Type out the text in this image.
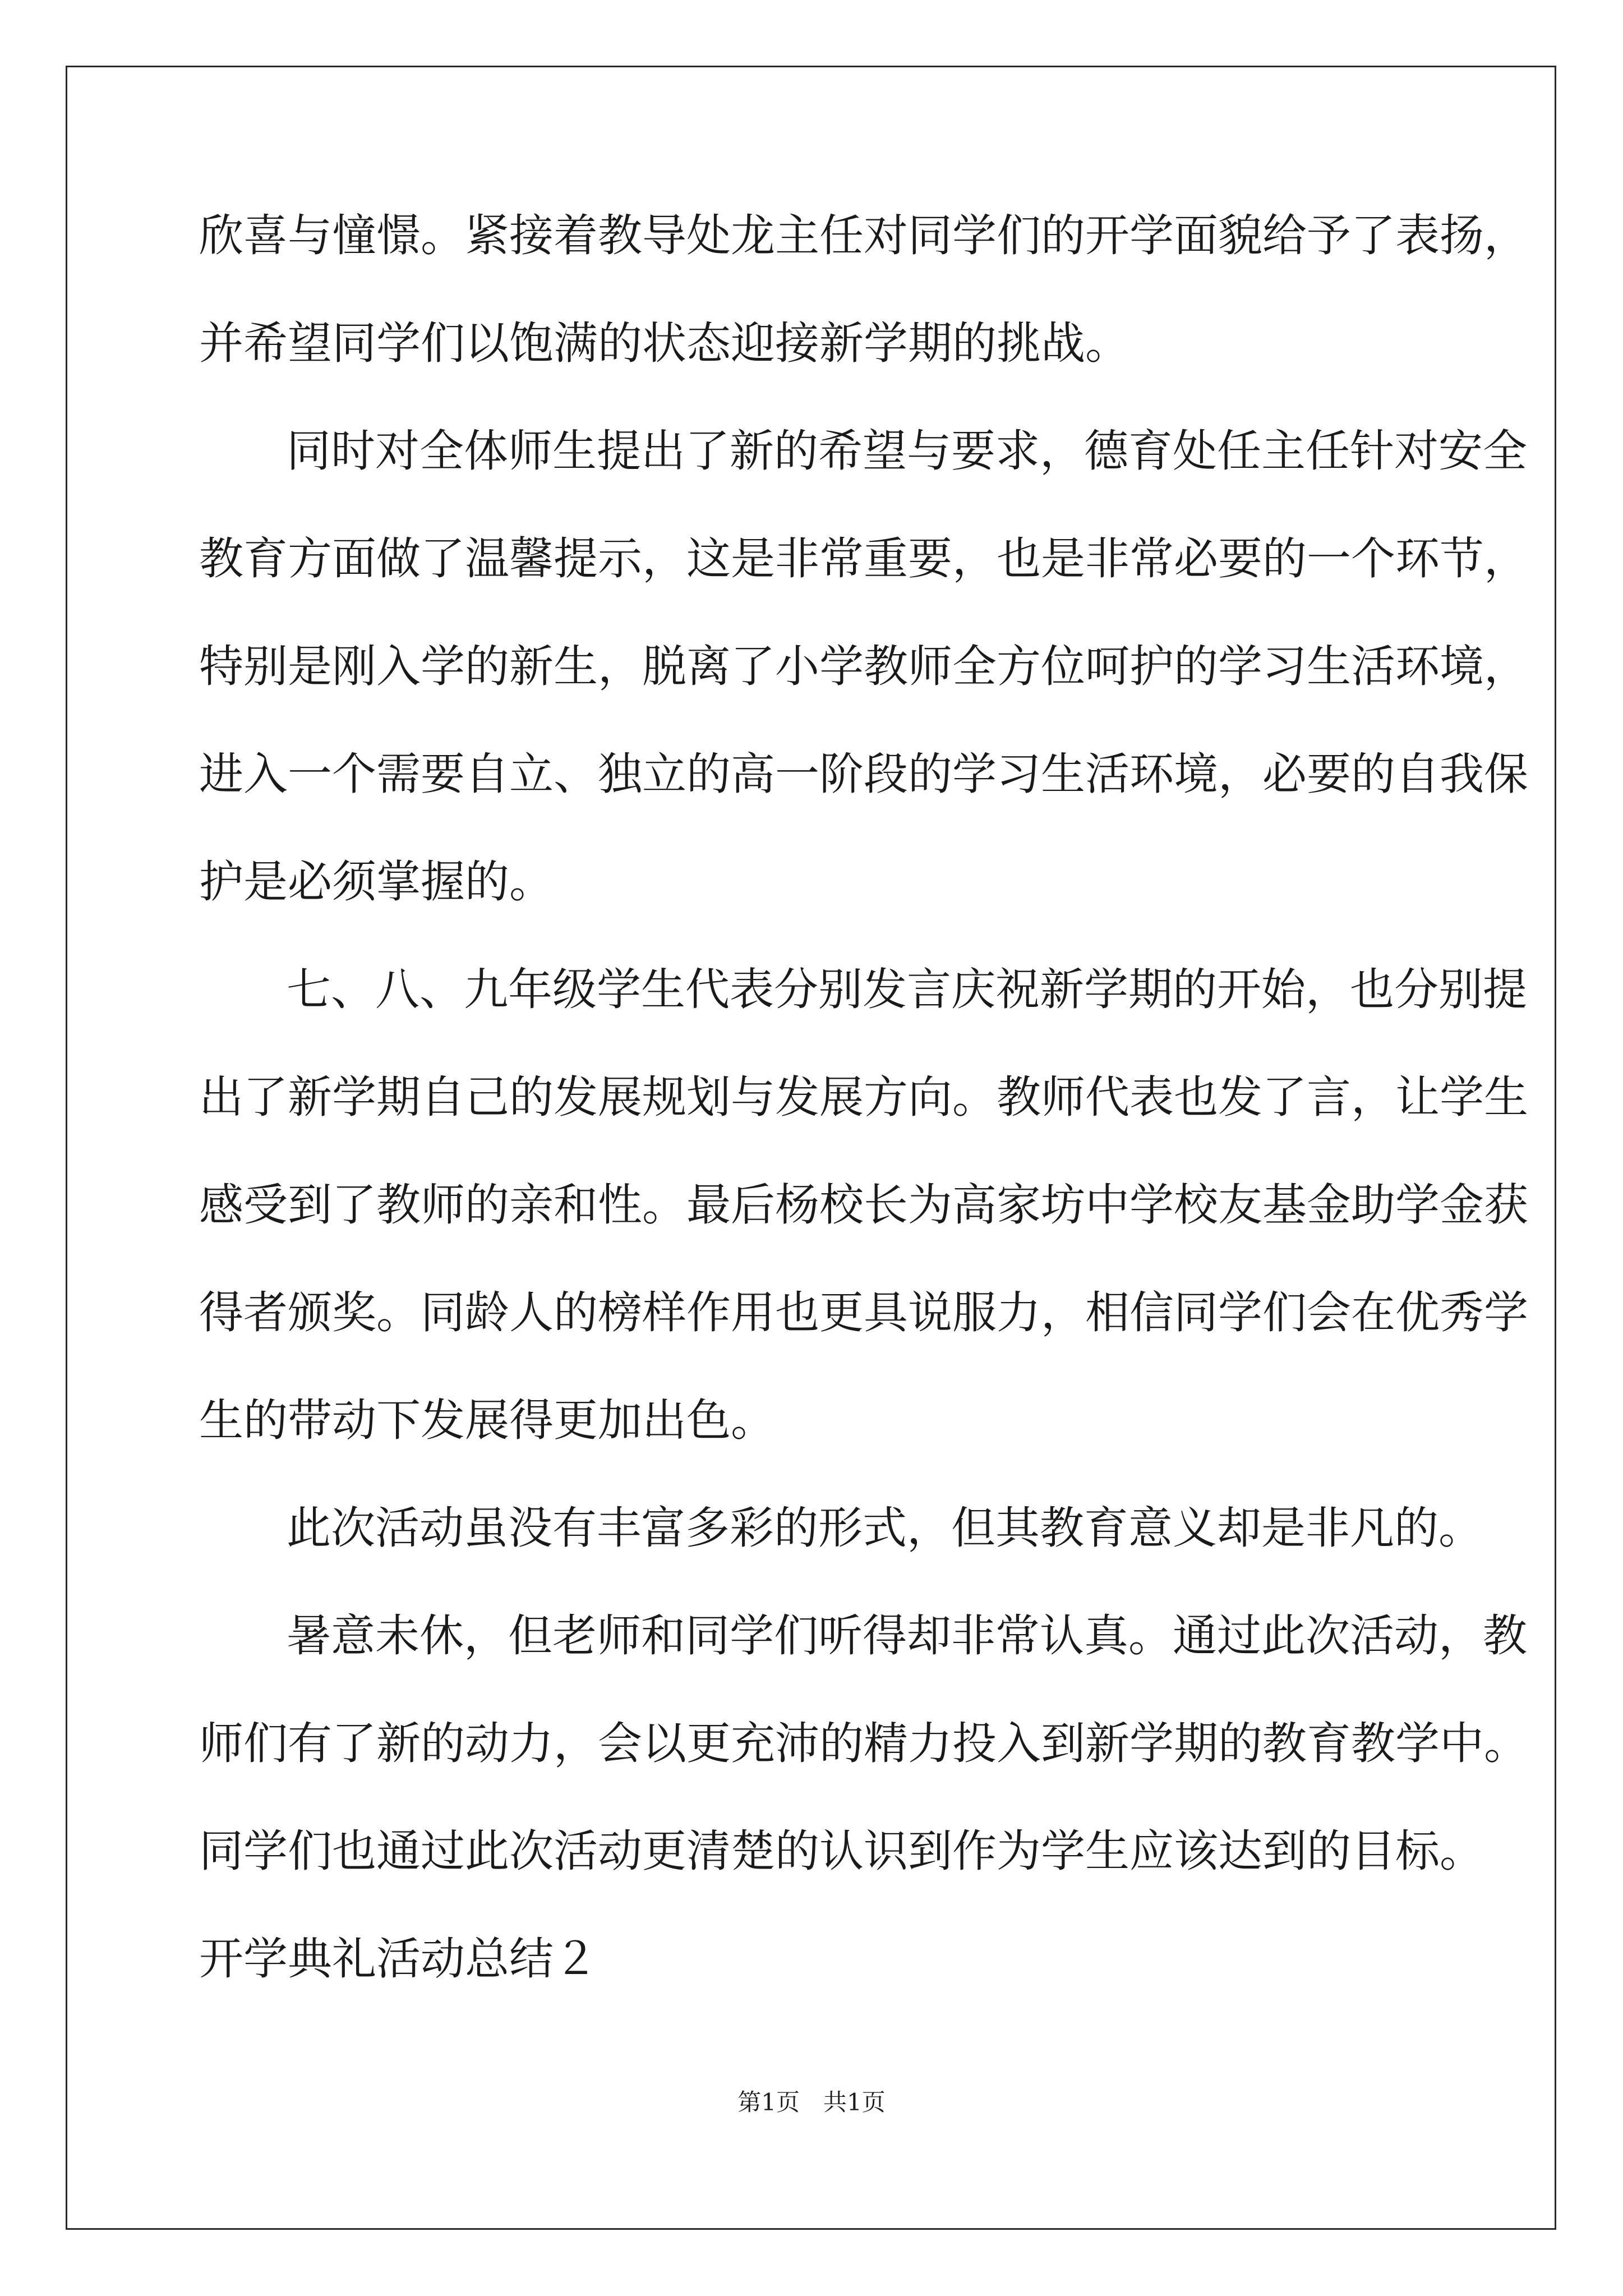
欣喜与憧憬。紧接着教导处龙主任对同学们的开学面貌给予了表扬，
并希望同学们以饱满的状态迎接新学期的挑战。
同时对全体师生提出了新的希望与要求，德育处任主任针对安全
教育方面做了温馨提示，这是非常重要，也是非常必要的一个环节，
特别是刚入学的新生，脱离了小学教师全方位呵护的学习生活环境，
进入一个需要自立、独立的高一阶段的学习生活环境，必要的自我保
护是必须掌握的。
七、八、九年级学生代表分别发言庆祝新学期的开始，也分别提
出了新学期自己的发展规划与发展方向。教师代表也发了言，让学生
感受到了教师的亲和性。最后杨校长为高家坊中学校友基金助学金获
得者颁奖。同龄人的榜样作用也更具说服力，相信同学们会在优秀学
生的带动下发展得更加出色。
此次活动虽没有丰富多彩的形式，但其教育意义却是非凡的。
暑意未休，但老师和同学们听得却非常认真。通过此次活动，教
师们有了新的动力，会以更充沛的精力投入到新学期的教育教学中。
同学们也通过此次活动更清楚的认识到作为学生应该达到的目标。
开学典礼活动总结２
第1页　共1页
